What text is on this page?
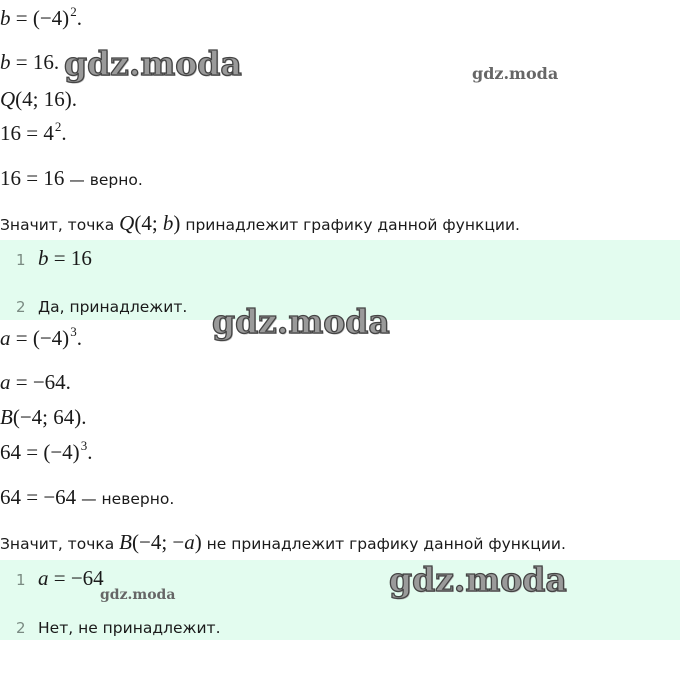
$b = (-4)^2$.
b = 16.
Q(4; 16).
$16 = 4^2$.
16 = 16 — верно.
Значит, точка Q(4; b) принадлежит графику данной функции.
1 b = 16
2 Да, принадлежит.
$a = (-4)^3$.
a = −64.
B(−4; 64).
$64 = (-4)^3$.
64 = −64 — неверно.
Значит, точка B(−4; −a) не принадлежит графику данной функции.
1 a = −64
2 Нет, не принадлежит.
gdz.moda	gdz.moda
gdz.moda
gdz.moda
gdz.moda
